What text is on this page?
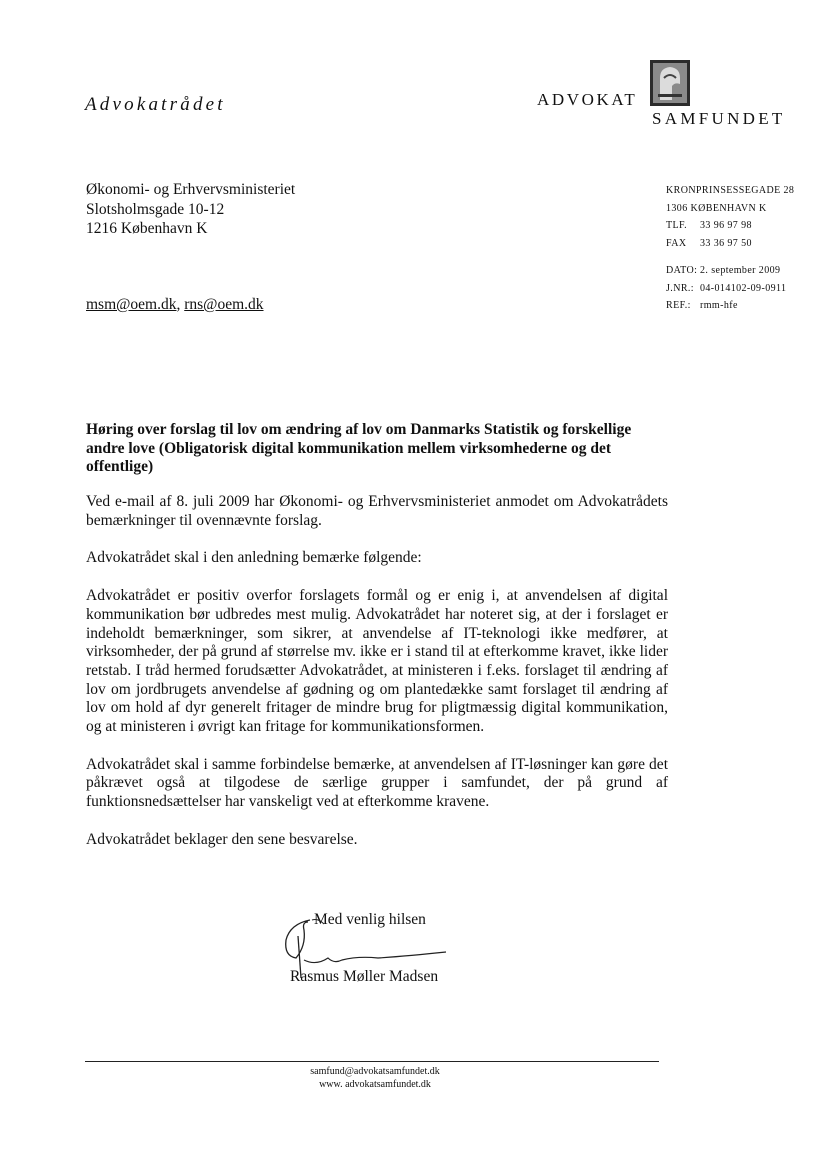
Advokatrådet	ADVOKAT
SAMFUNDET
Økonomi- og Erhvervsministeriet
Slotsholmsgade 10-12
1216 København K
msm@oem.dk, rns@oem.dk
KRONPRINSESSEGADE 28
1306 KØBENHAVN K
TLF. 33 96 97 98
FAX 33 36 97 50
DATO: 2. september 2009
J.NR.: 04-014102-09-0911
REF.: rmm-hfe
Høring over forslag til lov om ændring af lov om Danmarks Statistik og forskellige andre love (Obligatorisk digital kommunikation mellem virksomhederne og det offentlige)

Ved e-mail af 8. juli 2009 har Økonomi- og Erhvervsministeriet anmodet om Advokatrådets bemærkninger til ovennævnte forslag.

Advokatrådet skal i den anledning bemærke følgende:

Advokatrådet er positiv overfor forslagets formål og er enig i, at anvendelsen af digital kommunikation bør udbredes mest mulig. Advokatrådet har noteret sig, at der i forslaget er indeholdt bemærkninger, som sikrer, at anvendelse af IT-teknologi ikke medfører, at virksomheder, der på grund af størrelse mv. ikke er i stand til at efterkomme kravet, ikke lider retstab. I tråd hermed forudsætter Advokatrådet, at ministeren i f.eks. forslaget til ændring af lov om jordbrugets anvendelse af gødning og om plantedække samt forslaget til ændring af lov om hold af dyr generelt fritager de mindre brug for pligtmæssig digital kommunikation, og at ministeren i øvrigt kan fritage for kommunikationsformen.

Advokatrådet skal i samme forbindelse bemærke, at anvendelsen af IT-løsninger kan gøre det påkrævet også at tilgodese de særlige grupper i samfundet, der på grund af funktionsnedsættelser har vanskeligt ved at efterkomme kravene.

Advokatrådet beklager den sene besvarelse.

Med venlig hilsen
Rasmus Møller Madsen
samfund@advokatsamfundet.dk
www. advokatsamfundet.dk
